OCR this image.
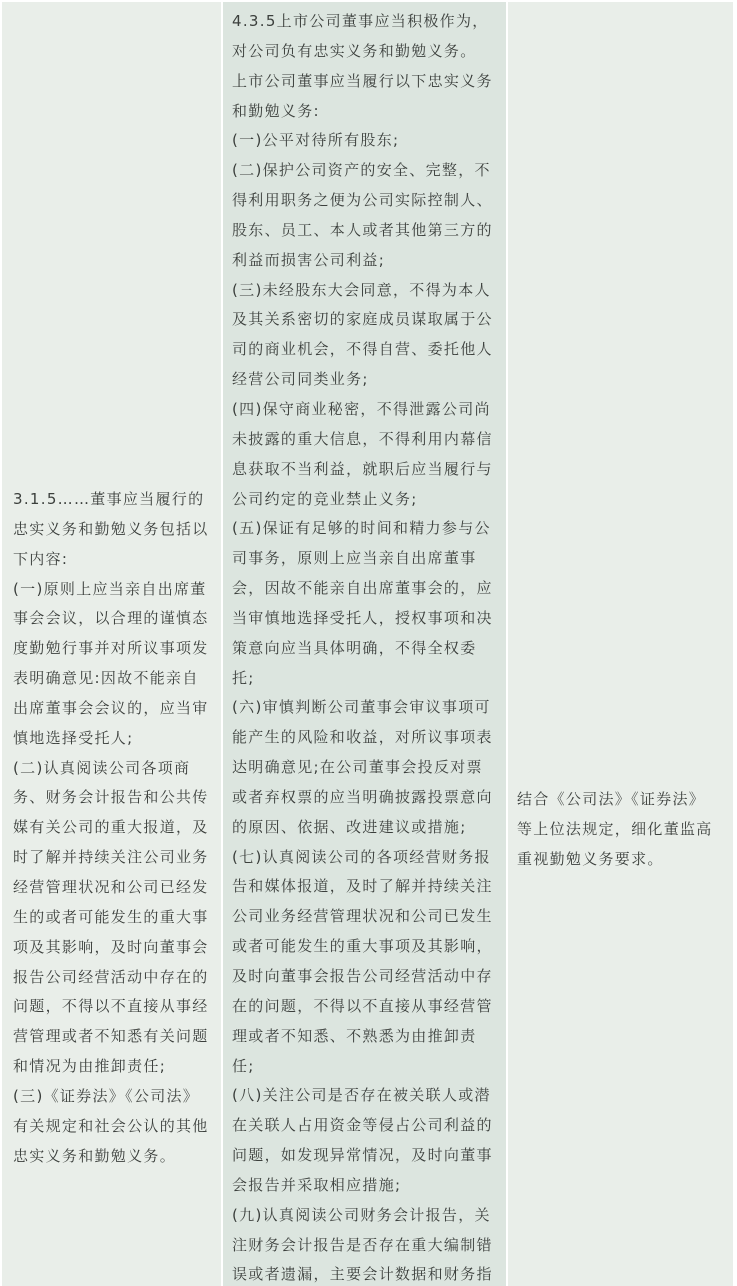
3.1.5……董事应当履行的
忠实义务和勤勉义务包括以
下内容:
(一)原则上应当亲自出席董
事会会议，以合理的谨慎态
度勤勉行事并对所议事项发
表明确意见:因故不能亲自
出席董事会会议的，应当审
慎地选择受托人;
(二)认真阅读公司各项商
务、财务会计报告和公共传
媒有关公司的重大报道，及
时了解并持续关注公司业务
经营管理状况和公司已经发
生的或者可能发生的重大事
项及其影响，及时向董事会
报告公司经营活动中存在的
问题，不得以不直接从事经
营管理或者不知悉有关问题
和情况为由推卸责任;
(三)《证券法》《公司法》
有关规定和社会公认的其他
忠实义务和勤勉义务。
4.3.5上市公司董事应当积极作为，
对公司负有忠实义务和勤勉义务。
上市公司董事应当履行以下忠实义务
和勤勉义务:
(一)公平对待所有股东;
(二)保护公司资产的安全、完整，不
得利用职务之便为公司实际控制人、
股东、员工、本人或者其他第三方的
利益而损害公司利益;
(三)未经股东大会同意，不得为本人
及其关系密切的家庭成员谋取属于公
司的商业机会，不得自营、委托他人
经营公司同类业务;
(四)保守商业秘密，不得泄露公司尚
未披露的重大信息，不得利用内幕信
息获取不当利益，就职后应当履行与
公司约定的竞业禁止义务;
(五)保证有足够的时间和精力参与公
司事务，原则上应当亲自出席董事
会，因故不能亲自出席董事会的，应
当审慎地选择受托人，授权事项和决
策意向应当具体明确，不得全权委
托;
(六)审慎判断公司董事会审议事项可
能产生的风险和收益，对所议事项表
达明确意见;在公司董事会投反对票
或者弃权票的应当明确披露投票意向
的原因、依据、改进建议或措施;
(七)认真阅读公司的各项经营财务报
告和媒体报道，及时了解并持续关注
公司业务经营管理状况和公司已发生
或者可能发生的重大事项及其影响，
及时向董事会报告公司经营活动中存
在的问题，不得以不直接从事经营管
理或者不知悉、不熟悉为由推卸责
任;
(八)关注公司是否存在被关联人或潜
在关联人占用资金等侵占公司利益的
问题，如发现异常情况，及时向董事
会报告并采取相应措施;
(九)认真阅读公司财务会计报告，关
注财务会计报告是否存在重大编制错
误或者遗漏，主要会计数据和财务指
结合《公司法》《证券法》
等上位法规定，细化董监高
重视勤勉义务要求。
